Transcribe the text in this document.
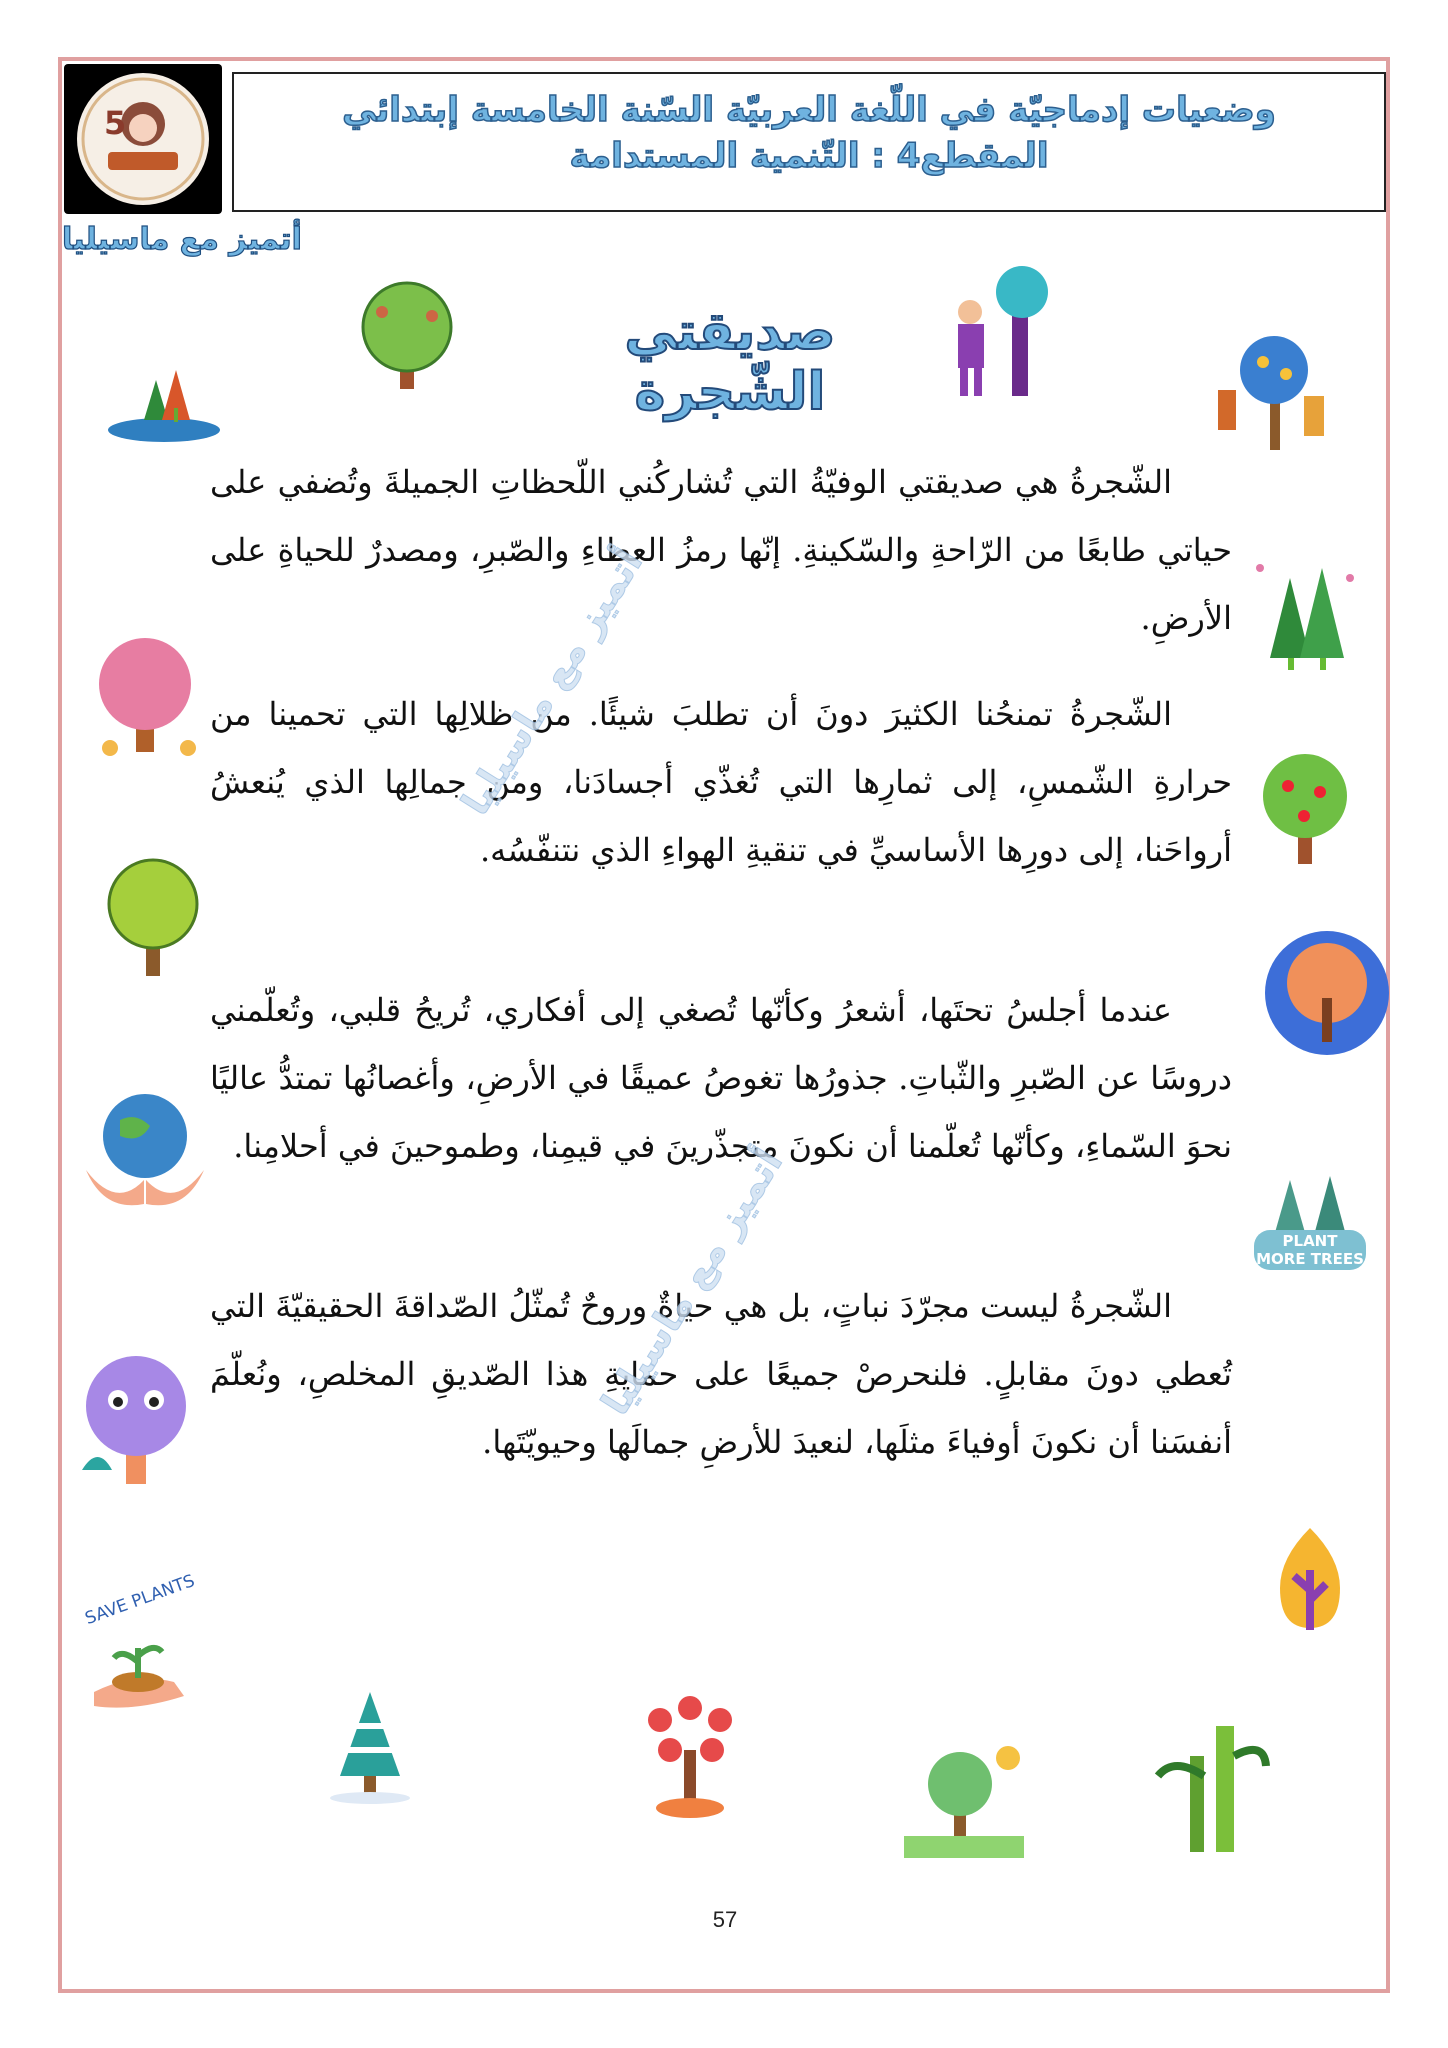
5	وضعيات إدماجيّة في اللّغة العربيّة السّنة الخامسة إبتدائي
المقطع4 : التّنمية المستدامة
أتميز مع ماسيليا
صديقتي الشّجرة
الشّجرةُ هي صديقتي الوفيّةُ التي تُشاركُني اللّحظاتِ الجميلةَ وتُضفي على حياتي طابعًا من الرّاحةِ والسّكينةِ. إنّها رمزُ العطاءِ والصّبرِ، ومصدرٌ للحياةِ على الأرضِ.
الشّجرةُ تمنحُنا الكثيرَ دونَ أن تطلبَ شيئًا. من ظلالِها التي تحمينا من حرارةِ الشّمسِ، إلى ثمارِها التي تُغذّي أجسادَنا، ومن جمالِها الذي يُنعشُ أرواحَنا، إلى دورِها الأساسيِّ في تنقيةِ الهواءِ الذي نتنفّسُه.
عندما أجلسُ تحتَها، أشعرُ وكأنّها تُصغي إلى أفكاري، تُريحُ قلبي، وتُعلّمني دروسًا عن الصّبرِ والثّباتِ. جذورُها تغوصُ عميقًا في الأرضِ، وأغصانُها تمتدُّ عاليًا نحوَ السّماءِ، وكأنّها تُعلّمنا أن نكونَ متجذّرينَ في قيمِنا، وطموحينَ في أحلامِنا.
الشّجرةُ ليست مجرّدَ نباتٍ، بل هي حياةٌ وروحٌ تُمثّلُ الصّداقةَ الحقيقيّةَ التي تُعطي دونَ مقابلٍ. فلنحرصْ جميعًا على حمايةِ هذا الصّديقِ المخلصِ، ونُعلّمَ أنفسَنا أن نكونَ أوفياءَ مثلَها، لنعيدَ للأرضِ جمالَها وحيويّتَها.
أتميز مع ماسيليا
أتميز مع ماسيليا	PLANT
MORE TREES
SAVE PLANTS
57
